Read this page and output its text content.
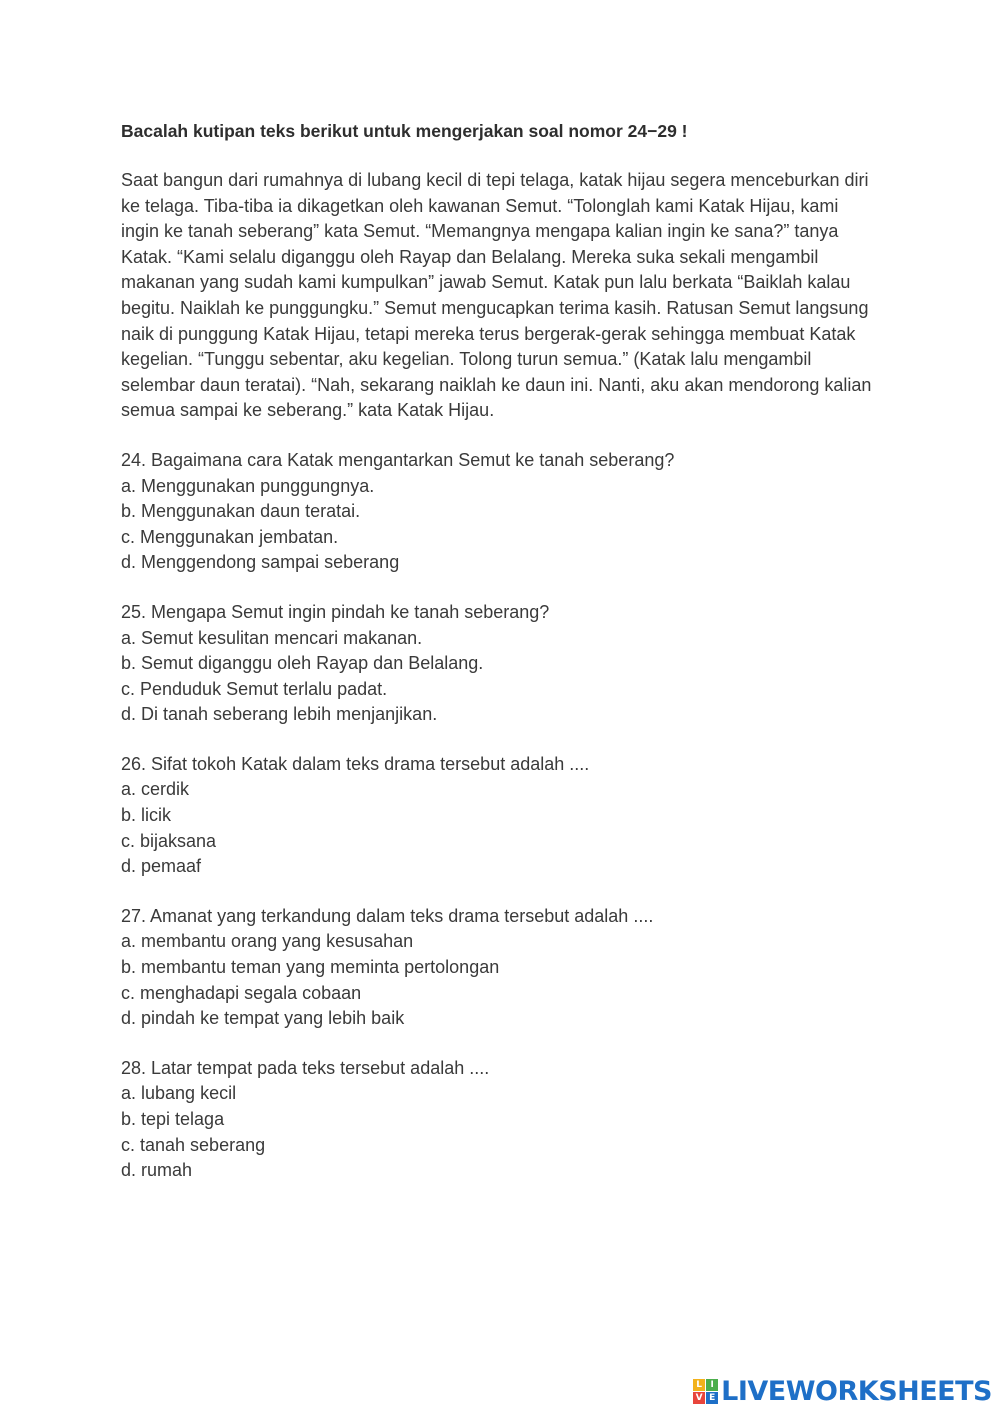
Bacalah kutipan teks berikut untuk mengerjakan soal nomor 24−29 !

Saat bangun dari rumahnya di lubang kecil di tepi telaga, katak hijau segera menceburkan diri ke telaga. Tiba-tiba ia dikagetkan oleh kawanan Semut. “Tolonglah kami Katak Hijau, kami ingin ke tanah seberang” kata Semut. “Memangnya mengapa kalian ingin ke sana?” tanya Katak. “Kami selalu diganggu oleh Rayap dan Belalang. Mereka suka sekali mengambil makanan yang sudah kami kumpulkan” jawab Semut. Katak pun lalu berkata “Baiklah kalau begitu. Naiklah ke punggungku.” Semut mengucapkan terima kasih. Ratusan Semut langsung naik di punggung Katak Hijau, tetapi mereka terus bergerak-gerak sehingga membuat Katak kegelian. “Tunggu sebentar, aku kegelian. Tolong turun semua.” (Katak lalu mengambil selembar daun teratai). “Nah, sekarang naiklah ke daun ini. Nanti, aku akan mendorong kalian semua sampai ke seberang.” kata Katak Hijau.

24. Bagaimana cara Katak mengantarkan Semut ke tanah seberang?
a. Menggunakan punggungnya.
b. Menggunakan daun teratai.
c. Menggunakan jembatan.
d. Menggendong sampai seberang
25. Mengapa Semut ingin pindah ke tanah seberang?
a. Semut kesulitan mencari makanan.
b. Semut diganggu oleh Rayap dan Belalang.
c. Penduduk Semut terlalu padat.
d. Di tanah seberang lebih menjanjikan.
26. Sifat tokoh Katak dalam teks drama tersebut adalah ....
a. cerdik
b. licik
c. bijaksana
d. pemaaf
27. Amanat yang terkandung dalam teks drama tersebut adalah ....
a. membantu orang yang kesusahan
b. membantu teman yang meminta pertolongan
c. menghadapi segala cobaan
d. pindah ke tempat yang lebih baik
28. Latar tempat pada teks tersebut adalah ....
a. lubang kecil
b. tepi telaga
c. tanah seberang
d. rumah
L I
V E LIVEWORKSHEETS
